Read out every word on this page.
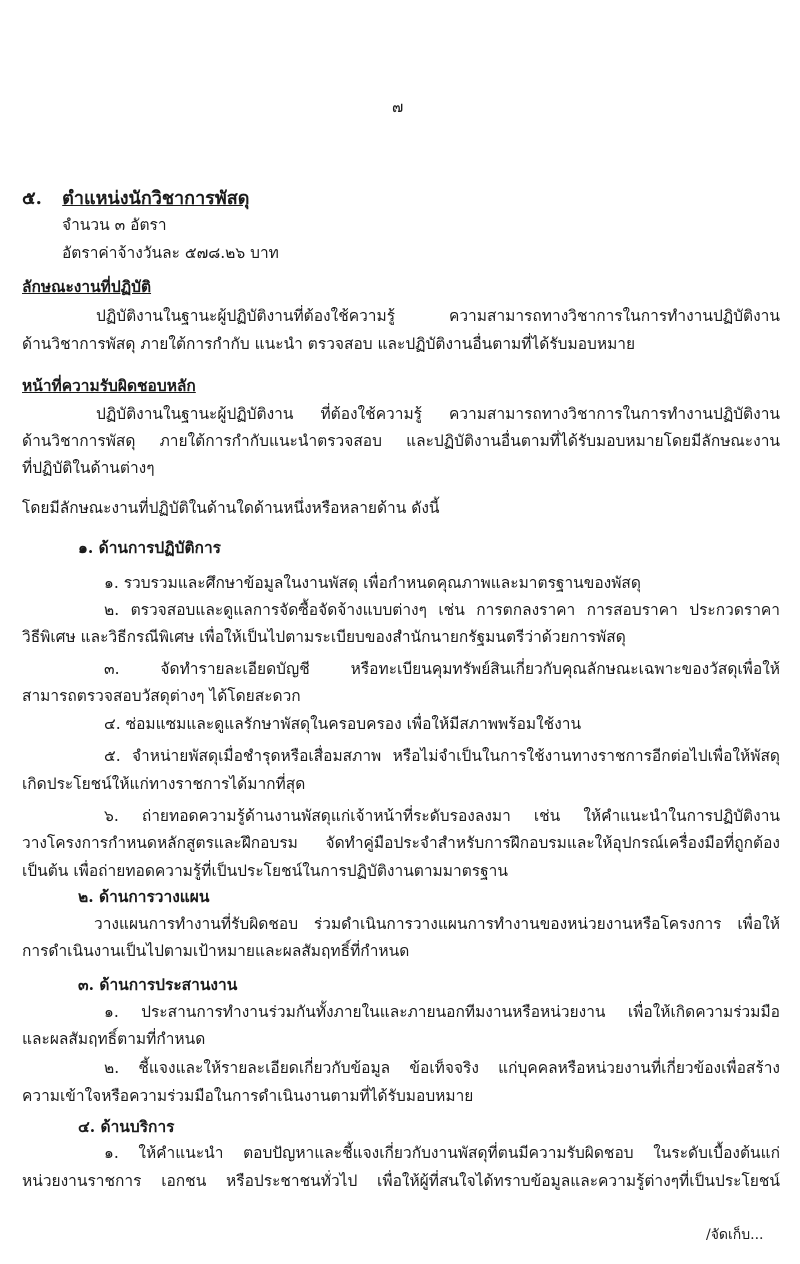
๗
๕. ตำแหน่งนักวิชาการพัสดุ
จำนวน ๓ อัตรา
อัตราค่าจ้างวันละ ๕๗๘.๒๖ บาท
ลักษณะงานที่ปฏิบัติ
ปฏิบัติงานในฐานะผู้ปฏิบัติงานที่ต้องใช้ความรู้ ความสามารถทางวิชาการในการทำงานปฏิบัติงาน
ด้านวิชาการพัสดุ ภายใต้การกำกับ แนะนำ ตรวจสอบ และปฏิบัติงานอื่นตามที่ได้รับมอบหมาย
หน้าที่ความรับผิดชอบหลัก
ปฏิบัติงานในฐานะผู้ปฏิบัติงาน ที่ต้องใช้ความรู้ ความสามารถทางวิชาการในการทำงานปฏิบัติงาน
ด้านวิชาการพัสดุ ภายใต้การกำกับแนะนำตรวจสอบ และปฏิบัติงานอื่นตามที่ได้รับมอบหมายโดยมีลักษณะงาน
ที่ปฏิบัติในด้านต่างๆ
โดยมีลักษณะงานที่ปฏิบัติในด้านใดด้านหนึ่งหรือหลายด้าน ดังนี้
๑. ด้านการปฏิบัติการ
๑. รวบรวมและศึกษาข้อมูลในงานพัสดุ เพื่อกำหนดคุณภาพและมาตรฐานของพัสดุ
๒. ตรวจสอบและดูแลการจัดซื้อจัดจ้างแบบต่างๆ เช่น การตกลงราคา การสอบราคา ประกวดราคา
วิธีพิเศษ และวิธีกรณีพิเศษ เพื่อให้เป็นไปตามระเบียบของสำนักนายกรัฐมนตรีว่าด้วยการพัสดุ
๓. จัดทำรายละเอียดบัญชี หรือทะเบียนคุมทรัพย์สินเกี่ยวกับคุณลักษณะเฉพาะของวัสดุเพื่อให้
สามารถตรวจสอบวัสดุต่างๆ ได้โดยสะดวก
๔. ซ่อมแซมและดูแลรักษาพัสดุในครอบครอง เพื่อให้มีสภาพพร้อมใช้งาน
๕. จำหน่ายพัสดุเมื่อชำรุดหรือเสื่อมสภาพ หรือไม่จำเป็นในการใช้งานทางราชการอีกต่อไปเพื่อให้พัสดุ
เกิดประโยชน์ให้แก่ทางราชการได้มากที่สุด
๖. ถ่ายทอดความรู้ด้านงานพัสดุแก่เจ้าหน้าที่ระดับรองลงมา เช่น ให้คำแนะนำในการปฏิบัติงาน
วางโครงการกำหนดหลักสูตรและฝึกอบรม จัดทำคู่มือประจำสำหรับการฝึกอบรมและให้อุปกรณ์เครื่องมือที่ถูกต้อง
เป็นต้น เพื่อถ่ายทอดความรู้ที่เป็นประโยชน์ในการปฏิบัติงานตามมาตรฐาน
๒. ด้านการวางแผน
วางแผนการทำงานที่รับผิดชอบ ร่วมดำเนินการวางแผนการทำงานของหน่วยงานหรือโครงการ เพื่อให้
การดำเนินงานเป็นไปตามเป้าหมายและผลสัมฤทธิ์ที่กำหนด
๓. ด้านการประสานงาน
๑. ประสานการทำงานร่วมกันทั้งภายในและภายนอกทีมงานหรือหน่วยงาน เพื่อให้เกิดความร่วมมือ
และผลสัมฤทธิ์ตามที่กำหนด
๒. ชี้แจงและให้รายละเอียดเกี่ยวกับข้อมูล ข้อเท็จจริง แก่บุคคลหรือหน่วยงานที่เกี่ยวข้องเพื่อสร้าง
ความเข้าใจหรือความร่วมมือในการดำเนินงานตามที่ได้รับมอบหมาย
๔. ด้านบริการ
๑. ให้คำแนะนำ ตอบปัญหาและชี้แจงเกี่ยวกับงานพัสดุที่ตนมีความรับผิดชอบ ในระดับเบื้องต้นแก่
หน่วยงานราชการ เอกชน หรือประชาชนทั่วไป เพื่อให้ผู้ที่สนใจได้ทราบข้อมูลและความรู้ต่างๆที่เป็นประโยชน์
/จัดเก็บ...
